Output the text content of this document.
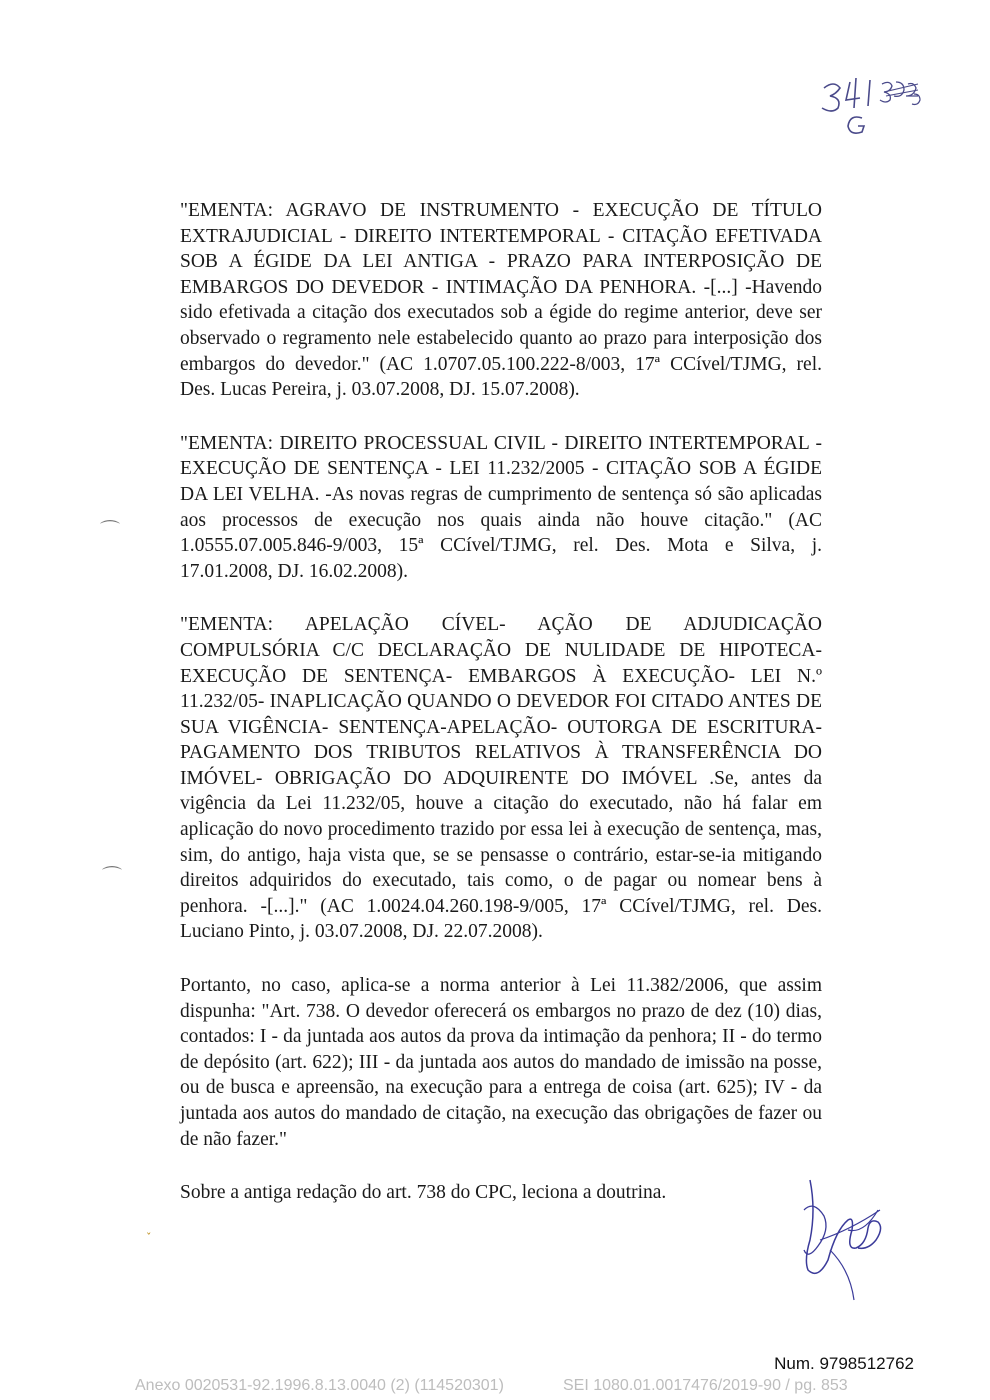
"EMENTA: AGRAVO DE INSTRUMENTO - EXECUÇÃO DE TÍTULO EXTRAJUDICIAL - DIREITO INTERTEMPORAL - CITAÇÃO EFETIVADA SOB A ÉGIDE DA LEI ANTIGA - PRAZO PARA INTERPOSIÇÃO DE EMBARGOS DO DEVEDOR - INTIMAÇÃO DA PENHORA. -[...] -Havendo sido efetivada a citação dos executados sob a égide do regime anterior, deve ser observado o regramento nele estabelecido quanto ao prazo para interposição dos embargos do devedor." (AC 1.0707.05.100.222-8/003, 17ª CCível/TJMG, rel. Des. Lucas Pereira, j. 03.07.2008, DJ. 15.07.2008).

"EMENTA: DIREITO PROCESSUAL CIVIL - DIREITO INTERTEMPORAL - EXECUÇÃO DE SENTENÇA - LEI 11.232/2005 - CITAÇÃO SOB A ÉGIDE DA LEI VELHA. -As novas regras de cumprimento de sentença só são aplicadas aos processos de execução nos quais ainda não houve citação." (AC 1.0555.07.005.846-9/003, 15ª CCível/TJMG, rel. Des. Mota e Silva, j. 17.01.2008, DJ. 16.02.2008).

"EMENTA: APELAÇÃO CÍVEL- AÇÃO DE ADJUDICAÇÃO COMPULSÓRIA C/C DECLARAÇÃO DE NULIDADE DE HIPOTECA- EXECUÇÃO DE SENTENÇA- EMBARGOS À EXECUÇÃO- LEI N.º 11.232/05- INAPLICAÇÃO QUANDO O DEVEDOR FOI CITADO ANTES DE SUA VIGÊNCIA- SENTENÇA-APELAÇÃO- OUTORGA DE ESCRITURA- PAGAMENTO DOS TRIBUTOS RELATIVOS À TRANSFERÊNCIA DO IMÓVEL- OBRIGAÇÃO DO ADQUIRENTE DO IMÓVEL .Se, antes da vigência da Lei 11.232/05, houve a citação do executado, não há falar em aplicação do novo procedimento trazido por essa lei à execução de sentença, mas, sim, do antigo, haja vista que, se se pensasse o contrário, estar-se-ia mitigando direitos adquiridos do executado, tais como, o de pagar ou nomear bens à penhora. -[...]." (AC 1.0024.04.260.198-9/005, 17ª CCível/TJMG, rel. Des. Luciano Pinto, j. 03.07.2008, DJ. 22.07.2008).

Portanto, no caso, aplica-se a norma anterior à Lei 11.382/2006, que assim dispunha: "Art. 738. O devedor oferecerá os embargos no prazo de dez (10) dias, contados: I - da juntada aos autos da prova da intimação da penhora; II - do termo de depósito (art. 622); III - da juntada aos autos do mandado de imissão na posse, ou de busca e apreensão, na execução para a entrega de coisa (art. 625); IV - da juntada aos autos do mandado de citação, na execução das obrigações de fazer ou de não fazer."

Sobre a antiga redação do art. 738 do CPC, leciona a doutrina.

⌒
⌒
ˇ
Num. 9798512762
Anexo 0020531-92.1996.8.13.0040 (2) (114520301)	SEI 1080.01.0017476/2019-90 / pg. 853
